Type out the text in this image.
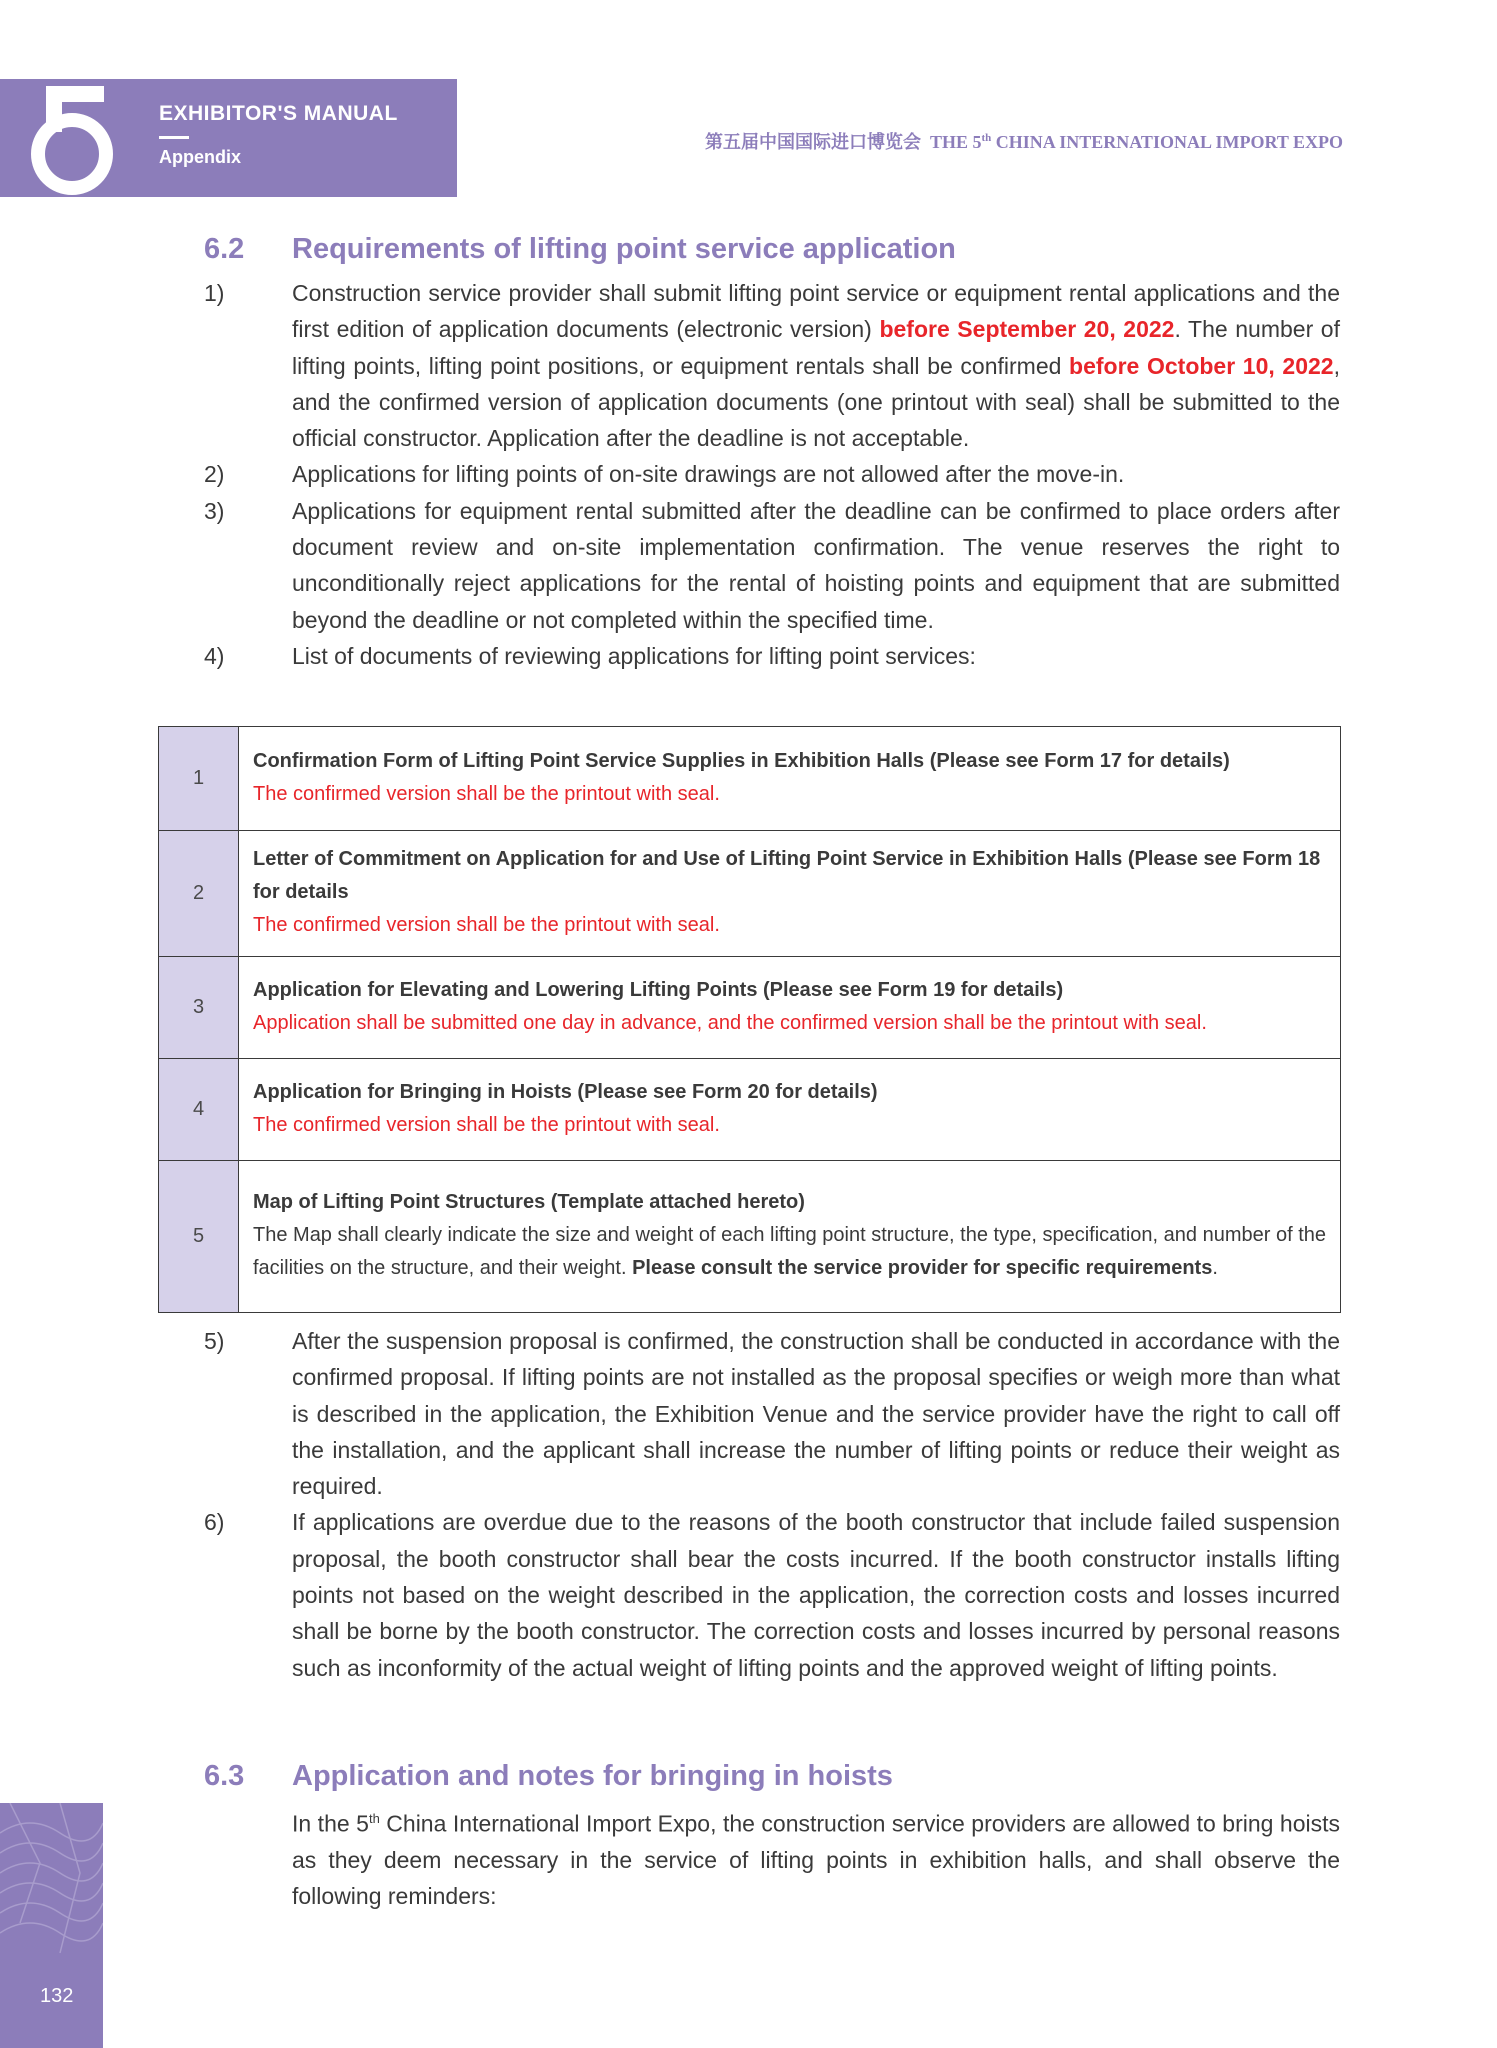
CIIE	EXHIBITOR'S MANUAL
Appendix
第五届中国国际进口博览会 THE 5th CHINA INTERNATIONAL IMPORT EXPO
6.2 Requirements of lifting point service application
1)	Construction service provider shall submit lifting point service or equipment rental applications and the first edition of application documents (electronic version) before September 20, 2022. The number of lifting points, lifting point positions, or equipment rentals shall be confirmed before October 10, 2022, and the confirmed version of application documents (one printout with seal) shall be submitted to the official constructor. Application after the deadline is not acceptable.
2)	Applications for lifting points of on-site drawings are not allowed after the move-in.
3)	Applications for equipment rental submitted after the deadline can be confirmed to place orders after document review and on-site implementation confirmation. The venue reserves the right to unconditionally reject applications for the rental of hoisting points and equipment that are submitted beyond the deadline or not completed within the specified time.
4)	List of documents of reviewing applications for lifting point services:
1	Confirmation Form of Lifting Point Service Supplies in Exhibition Halls (Please see Form 17 for details)
The confirmed version shall be the printout with seal.

2	Letter of Commitment on Application for and Use of Lifting Point Service in Exhibition Halls (Please see Form 18 for details
The confirmed version shall be the printout with seal.

3	Application for Elevating and Lowering Lifting Points (Please see Form 19 for details)
Application shall be submitted one day in advance, and the confirmed version shall be the printout with seal.

4	Application for Bringing in Hoists (Please see Form 20 for details)
The confirmed version shall be the printout with seal.

5	Map of Lifting Point Structures (Template attached hereto)
The Map shall clearly indicate the size and weight of each lifting point structure, the type, specification, and number of the facilities on the structure, and their weight. Please consult the service provider for specific requirements.
5)	After the suspension proposal is confirmed, the construction shall be conducted in accordance with the confirmed proposal. If lifting points are not installed as the proposal specifies or weigh more than what is described in the application, the Exhibition Venue and the service provider have the right to call off the installation, and the applicant shall increase the number of lifting points or reduce their weight as required.
6)	If applications are overdue due to the reasons of the booth constructor that include failed suspension proposal, the booth constructor shall bear the costs incurred. If the booth constructor installs lifting points not based on the weight described in the application, the correction costs and losses incurred shall be borne by the booth constructor. The correction costs and losses incurred by personal reasons such as inconformity of the actual weight of lifting points and the approved weight of lifting points.
6.3 Application and notes for bringing in hoists
In the 5th China International Import Expo, the construction service providers are allowed to bring hoists as they deem necessary in the service of lifting points in exhibition halls, and shall observe the following reminders:
132
